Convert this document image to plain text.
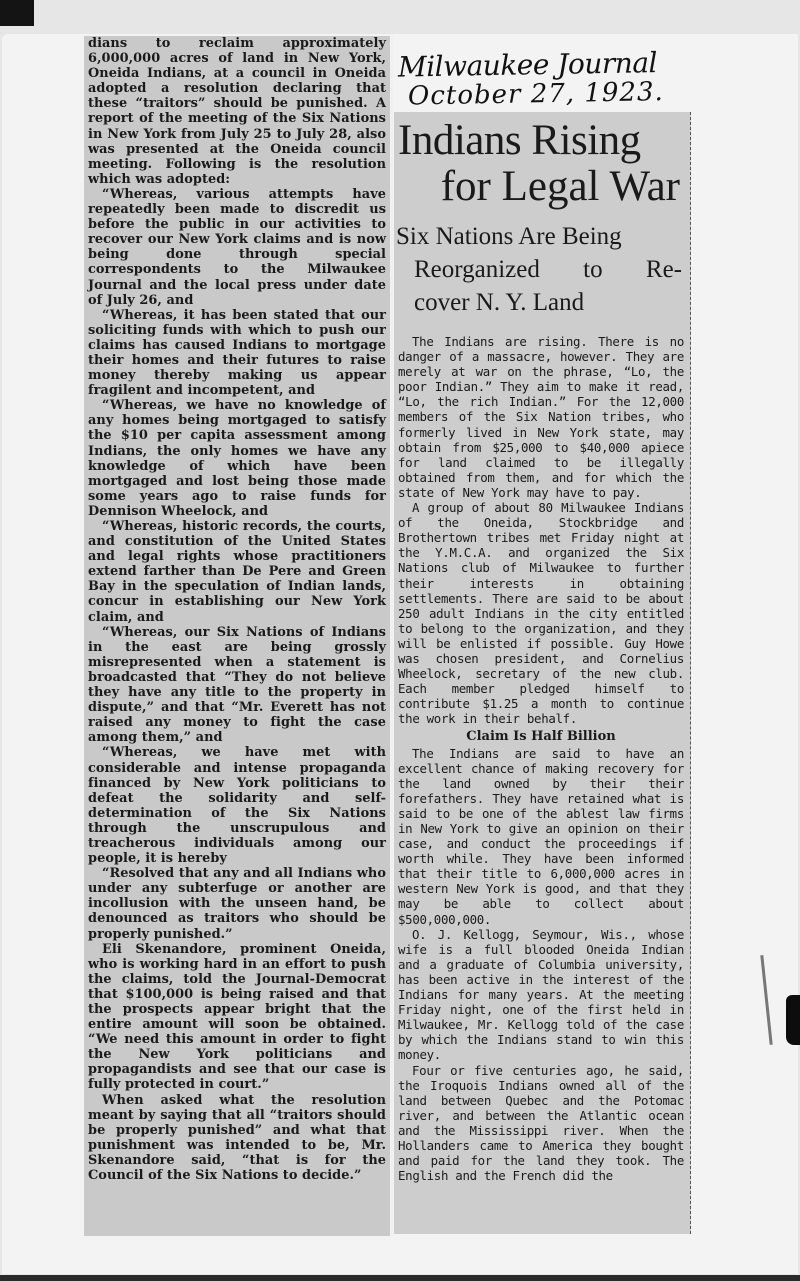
dians to reclaim approximately 6,000,000 acres of land in New York, Oneida Indians, at a council in Oneida adopted a resolution declaring that these “traitors” should be punished. A report of the meeting of the Six Nations in New York from July 25 to July 28, also was presented at the Oneida council meeting. Following is the resolution which was adopted:

“Whereas, various attempts have repeatedly been made to discredit us before the public in our activities to recover our New York claims and is now being done through special correspondents to the Milwaukee Journal and the local press under date of July 26, and

“Whereas, it has been stated that our soliciting funds with which to push our claims has caused Indians to mortgage their homes and their futures to raise money thereby making us appear fragilent and incompetent, and

“Whereas, we have no knowledge of any homes being mortgaged to satisfy the $10 per capita assessment among Indians, the only homes we have any knowledge of which have been mortgaged and lost being those made some years ago to raise funds for Dennison Wheelock, and

“Whereas, historic records, the courts, and constitution of the United States and legal rights whose practitioners extend farther than De Pere and Green Bay in the speculation of Indian lands, concur in establishing our New York claim, and

“Whereas, our Six Nations of Indians in the east are being grossly misrepresented when a statement is broadcasted that “They do not believe they have any title to the property in dispute,” and that “Mr. Everett has not raised any money to fight the case among them,” and

“Whereas, we have met with considerable and intense propaganda financed by New York politicians to defeat the solidarity and self-determination of the Six Nations through the unscrupulous and treacherous individuals among our people, it is hereby

“Resolved that any and all Indians who under any subterfuge or another are incollusion with the unseen hand, be denounced as traitors who should be properly punished.”

Eli Skenandore, prominent Oneida, who is working hard in an effort to push the claims, told the Journal-Democrat that $100,000 is being raised and that the prospects appear bright that the entire amount will soon be obtained. “We need this amount in order to fight the New York politicians and propagandists and see that our case is fully protected in court.”

When asked what the resolution meant by saying that all “traitors should be properly punished” and what that punishment was intended to be, Mr. Skenandore said, “that is for the Council of the Six Nations to decide.”

Milwaukee Journal
October 27, 1923.
Indians Rising
for Legal War
Six Nations Are Being
Reorganized to Re-
cover N. Y. Land

The Indians are rising. There is no danger of a massacre, however. They are merely at war on the phrase, “Lo, the poor Indian.” They aim to make it read, “Lo, the rich Indian.” For the 12,000 members of the Six Nation tribes, who formerly lived in New York state, may obtain from $25,000 to $40,000 apiece for land claimed to be illegally obtained from them, and for which the state of New York may have to pay.

A group of about 80 Milwaukee Indians of the Oneida, Stockbridge and Brothertown tribes met Friday night at the Y.M.C.A. and organized the Six Nations club of Milwaukee to further their interests in obtaining settlements. There are said to be about 250 adult Indians in the city entitled to belong to the organization, and they will be enlisted if possible. Guy Howe was chosen president, and Cornelius Wheelock, secretary of the new club. Each member pledged himself to contribute $1.25 a month to continue the work in their behalf.

Claim Is Half Billion

The Indians are said to have an excellent chance of making recovery for the land owned by their their forefathers. They have retained what is said to be one of the ablest law firms in New York to give an opinion on their case, and conduct the proceedings if worth while. They have been informed that their title to 6,000,000 acres in western New York is good, and that they may be able to collect about $500,000,000.

O. J. Kellogg, Seymour, Wis., whose wife is a full blooded Oneida Indian and a graduate of Columbia university, has been active in the interest of the Indians for many years. At the meeting Friday night, one of the first held in Milwaukee, Mr. Kellogg told of the case by which the Indians stand to win this money.

Four or five centuries ago, he said, the Iroquois Indians owned all of the land between Quebec and the Potomac river, and between the Atlantic ocean and the Mississippi river. When the Hollanders came to America they bought and paid for the land they took. The English and the French did the
